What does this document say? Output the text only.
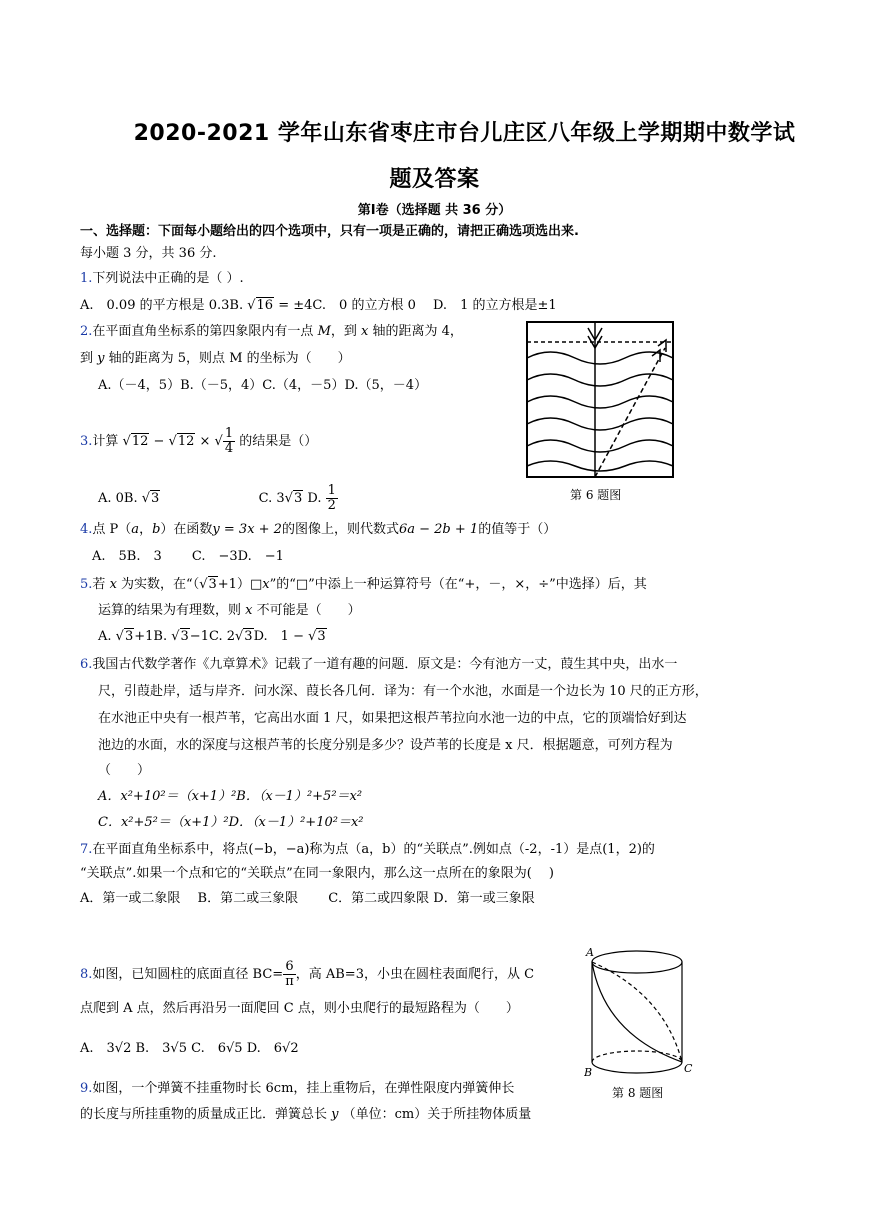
2020-2021 学年山东省枣庄市台儿庄区八年级上学期期中数学试
题及答案
第Ⅰ卷（选择题 共 36 分）
一、选择题：下面每小题给出的四个选项中，只有一项是正确的，请把正确选项选出来.
每小题 3 分，共 36 分.
1.下列说法中正确的是（ ）.
A.　0.09 的平方根是 0.3B. √16 = ±4C.　0 的立方根 0　 D.　1 的立方根是±1
2.在平面直角坐标系的第四象限内有一点 M，到 x 轴的距离为 4，
到 y 轴的距离为 5，则点 M 的坐标为（　　）
A.（－4，5）B.（－5，4）C.（4，－5）D.（5，－4）
第 6 题图
3.计算 √12 − √12 × √ $\frac{1}{4}$ 的结果是（）
A. 0B. √3	C. 3√3 D. $\frac{1}{2}$
4.点 P（a，b）在函数y = 3x + 2的图像上，则代数式6a − 2b + 1的值等于（）
A.　5B.　3　　 C.　−3D.　−1
5.若 x 为实数，在“（√3+1）□x”的“□”中添上一种运算符号（在“+，－，×，÷”中选择）后，其
运算的结果为有理数，则 x 不可能是（　　）
A. √3+1B. √3−1C. 2√3D.　1 − √3
6.我国古代数学著作《九章算术》记载了一道有趣的问题．原文是：今有池方一丈，葭生其中央，出水一
尺，引葭赴岸，适与岸齐．问水深、葭长各几何．译为：有一个水池，水面是一个边长为 10 尺的正方形，
在水池正中央有一根芦苇，它高出水面 1 尺，如果把这根芦苇拉向水池一边的中点，它的顶端恰好到达
池边的水面，水的深度与这根芦苇的长度分别是多少？设芦苇的长度是 x 尺．根据题意，可列方程为
（　　）
A．x²+10²＝（x+1）²B．（x－1）²+5²＝x²
C．x²+5²＝（x+1）²D．（x－1）²+10²＝x²
7.在平面直角坐标系中，将点(−b，−a)称为点（a，b）的“关联点”.例如点（-2，-1）是点(1，2)的
“关联点”.如果一个点和它的“关联点”在同一象限内，那么这一点所在的象限为(　 )
A．第一或二象限　 B．第二或三象限　　 C．第二或四象限 D．第一或三象限
8.如图，已知圆柱的底面直径 $BC= \frac{6}{\pi}$ ，高 AB=3，小虫在圆柱表面爬行，从 C
点爬到 A 点，然后再沿另一面爬回 C 点，则小虫爬行的最短路程为（　　）
A.　3√2 B.　3√5 C.　6√5 D.　6√2
A
B	C
第 8 题图
9.如图，一个弹簧不挂重物时长 6cm，挂上重物后，在弹性限度内弹簧伸长
的长度与所挂重物的质量成正比．弹簧总长 y （单位：cm）关于所挂物体质量
